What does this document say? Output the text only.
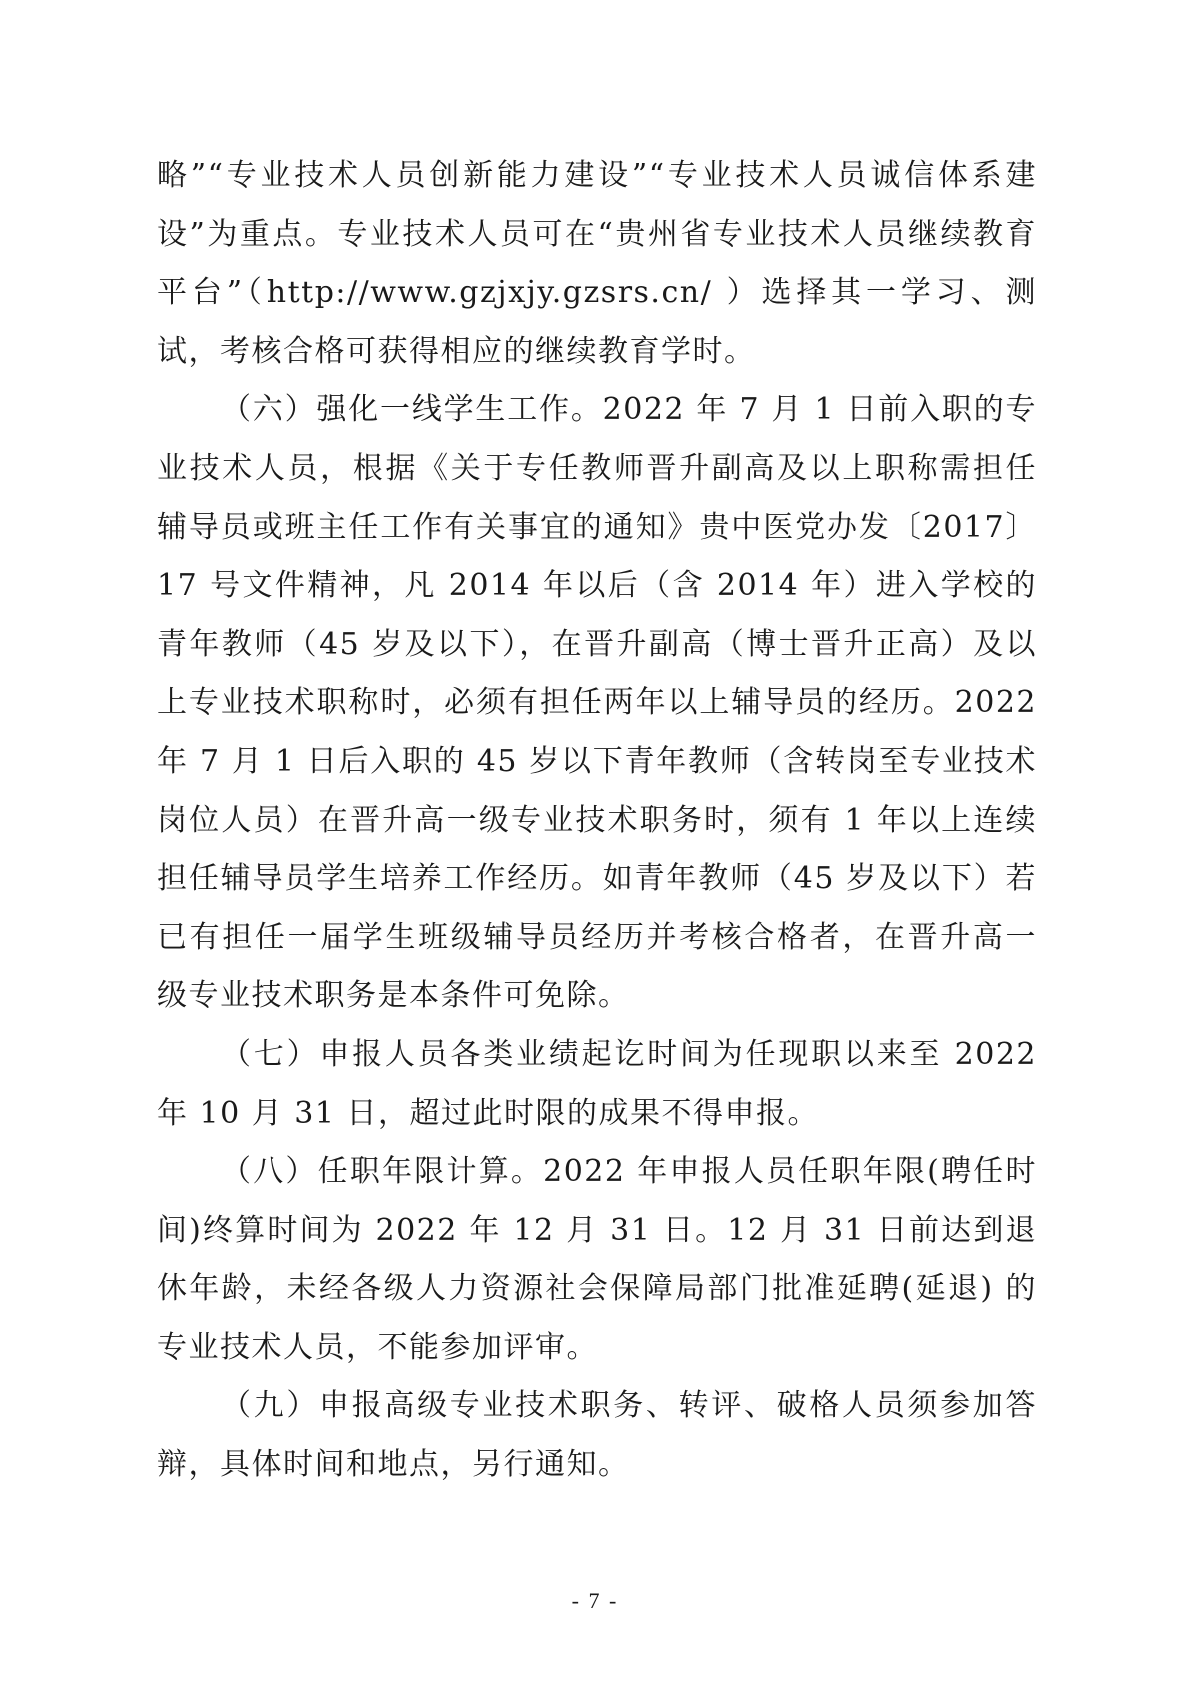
略”“专业技术人员创新能力建设”“专业技术人员诚信体系建设”为重点。专业技术人员可在“贵州省专业技术人员继续教育平台”（http://www.gzjxjy.gzsrs.cn/ ）选择其一学习、测试，考核合格可获得相应的继续教育学时。

（六）强化一线学生工作。2022 年 7 月 1 日前入职的专业技术人员，根据《关于专任教师晋升副高及以上职称需担任辅导员或班主任工作有关事宜的通知》贵中医党办发〔2017〕17 号文件精神，凡 2014 年以后（含 2014 年）进入学校的青年教师（45 岁及以下），在晋升副高（博士晋升正高）及以上专业技术职称时，必须有担任两年以上辅导员的经历。2022 年 7 月 1 日后入职的 45 岁以下青年教师（含转岗至专业技术岗位人员）在晋升高一级专业技术职务时，须有 1 年以上连续担任辅导员学生培养工作经历。如青年教师（45 岁及以下）若已有担任一届学生班级辅导员经历并考核合格者，在晋升高一级专业技术职务是本条件可免除。

（七）申报人员各类业绩起讫时间为任现职以来至 2022 年 10 月 31 日，超过此时限的成果不得申报。

（八）任职年限计算。2022 年申报人员任职年限(聘任时间)终算时间为 2022 年 12 月 31 日。12 月 31 日前达到退休年龄，未经各级人力资源社会保障局部门批准延聘(延退) 的专业技术人员，不能参加评审。

（九）申报高级专业技术职务、转评、破格人员须参加答辩，具体时间和地点，另行通知。

- 7 -
